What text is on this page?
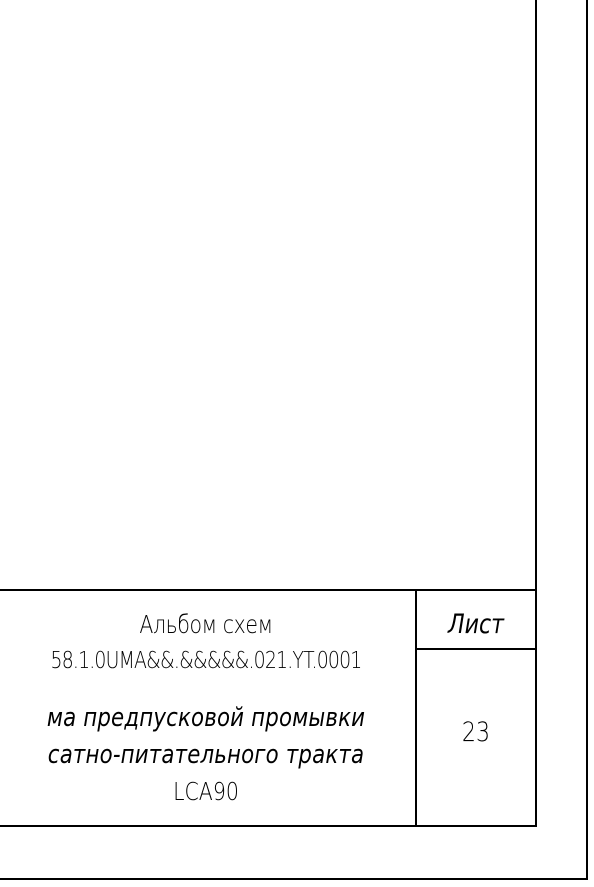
Альбом схем
58.1.0UMA&&.&&&&&.021.YT.0001
ма предпусковой промывки
сатно-питательного тракта
LCA90
Лист
23
